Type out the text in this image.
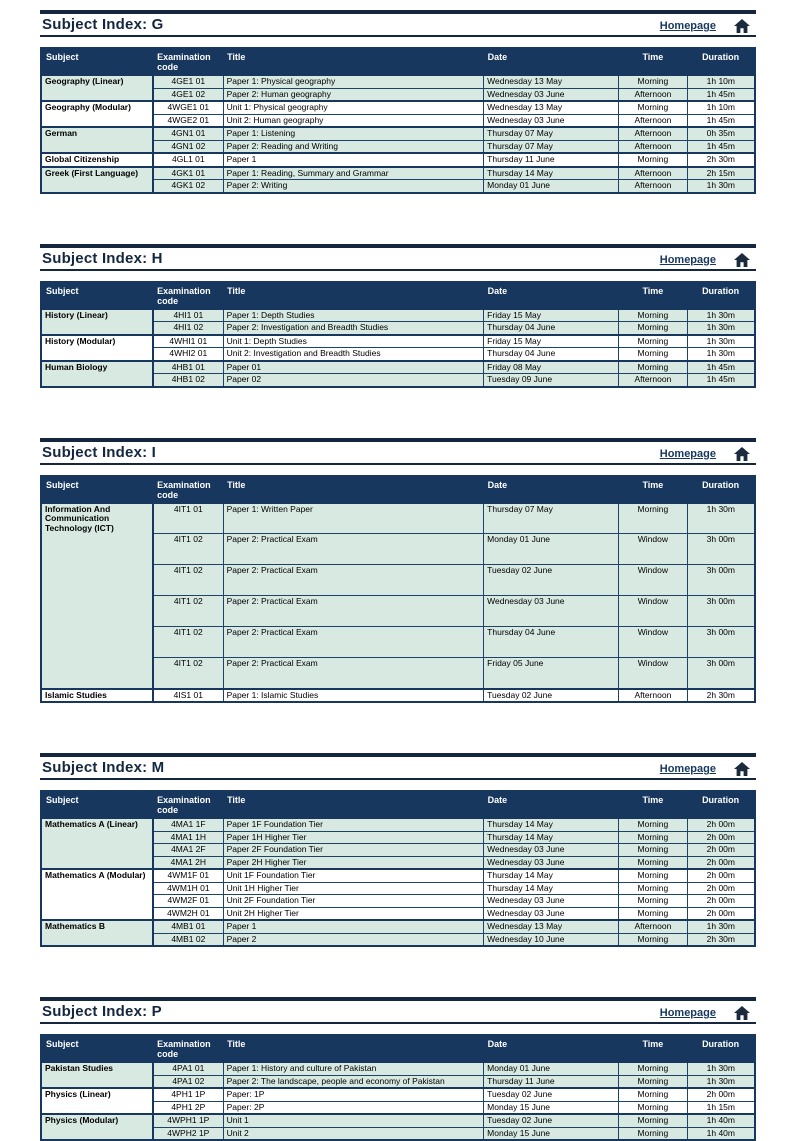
Subject Index: G	Homepage
Subject	Examination code	Title	Date	Time	Duration
Geography (Linear)	4GE1 01	Paper 1: Physical geography	Wednesday 13 May	Morning	1h 10m
	4GE1 02	Paper 2: Human geography	Wednesday 03 June	Afternoon	1h 45m
Geography (Modular)	4WGE1 01	Unit 1: Physical geography	Wednesday 13 May	Morning	1h 10m
	4WGE2 01	Unit 2: Human geography	Wednesday 03 June	Afternoon	1h 45m
German	4GN1 01	Paper 1: Listening	Thursday 07 May	Afternoon	0h 35m
	4GN1 02	Paper 2: Reading and Writing	Thursday 07 May	Afternoon	1h 45m
Global Citizenship	4GL1 01	Paper 1	Thursday 11 June	Morning	2h 30m
Greek (First Language)	4GK1 01	Paper 1: Reading, Summary and Grammar	Thursday 14 May	Afternoon	2h 15m
	4GK1 02	Paper 2: Writing	Monday 01 June	Afternoon	1h 30m
Subject Index: H	Homepage
Subject	Examination code	Title	Date	Time	Duration
History (Linear)	4HI1 01	Paper 1: Depth Studies	Friday 15 May	Morning	1h 30m
	4HI1 02	Paper 2: Investigation and Breadth Studies	Thursday 04 June	Morning	1h 30m
History (Modular)	4WHI1 01	Unit 1: Depth Studies	Friday 15 May	Morning	1h 30m
	4WHI2 01	Unit 2: Investigation and Breadth Studies	Thursday 04 June	Morning	1h 30m
Human Biology	4HB1 01	Paper 01	Friday 08 May	Morning	1h 45m
	4HB1 02	Paper 02	Tuesday 09 June	Afternoon	1h 45m
Subject Index: I	Homepage
Subject	Examination code	Title	Date	Time	Duration
Information And Communication Technology (ICT)	4IT1 01	Paper 1: Written Paper	Thursday 07 May	Morning	1h 30m
	4IT1 02	Paper 2: Practical Exam	Monday 01 June	Window	3h 00m
	4IT1 02	Paper 2: Practical Exam	Tuesday 02 June	Window	3h 00m
	4IT1 02	Paper 2: Practical Exam	Wednesday 03 June	Window	3h 00m
	4IT1 02	Paper 2: Practical Exam	Thursday 04 June	Window	3h 00m
	4IT1 02	Paper 2: Practical Exam	Friday 05 June	Window	3h 00m
Islamic Studies	4IS1 01	Paper 1: Islamic Studies	Tuesday 02 June	Afternoon	2h 30m
Subject Index: M	Homepage
Subject	Examination code	Title	Date	Time	Duration
Mathematics A (Linear)	4MA1 1F	Paper 1F Foundation Tier	Thursday 14 May	Morning	2h 00m
	4MA1 1H	Paper 1H Higher Tier	Thursday 14 May	Morning	2h 00m
	4MA1 2F	Paper 2F Foundation Tier	Wednesday 03 June	Morning	2h 00m
	4MA1 2H	Paper 2H Higher Tier	Wednesday 03 June	Morning	2h 00m
Mathematics A (Modular)	4WM1F 01	Unit 1F Foundation Tier	Thursday 14 May	Morning	2h 00m
	4WM1H 01	Unit 1H Higher Tier	Thursday 14 May	Morning	2h 00m
	4WM2F 01	Unit 2F Foundation Tier	Wednesday 03 June	Morning	2h 00m
	4WM2H 01	Unit 2H Higher Tier	Wednesday 03 June	Morning	2h 00m
Mathematics B	4MB1 01	Paper 1	Wednesday 13 May	Afternoon	1h 30m
	4MB1 02	Paper 2	Wednesday 10 June	Morning	2h 30m
Subject Index: P	Homepage
Subject	Examination code	Title	Date	Time	Duration
Pakistan Studies	4PA1 01	Paper 1: History and culture of Pakistan	Monday 01 June	Morning	1h 30m
	4PA1 02	Paper 2: The landscape, people and economy of Pakistan	Thursday 11 June	Morning	1h 30m
Physics (Linear)	4PH1 1P	Paper: 1P	Tuesday 02 June	Morning	2h 00m
	4PH1 2P	Paper: 2P	Monday 15 June	Morning	1h 15m
Physics (Modular)	4WPH1 1P	Unit 1	Tuesday 02 June	Morning	1h 40m
	4WPH2 1P	Unit 2	Monday 15 June	Morning	1h 40m
